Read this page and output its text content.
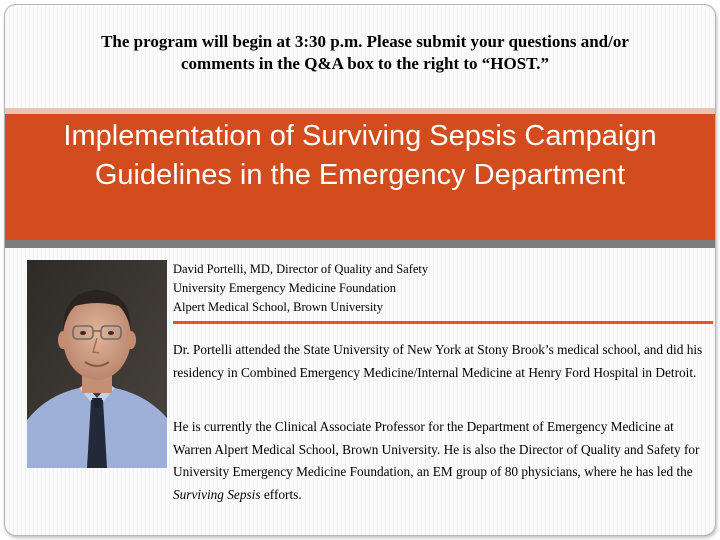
The program will begin at 3:30 p.m. Please submit your questions and/or comments in the Q&A box to the right to “HOST.”

Implementation of Surviving Sepsis Campaign Guidelines in the Emergency Department
David Portelli, MD, Director of Quality and Safety
University Emergency Medicine Foundation
Alpert Medical School, Brown University

Dr. Portelli attended the State University of New York at Stony Brook’s medical school, and did his residency in Combined Emergency Medicine/Internal Medicine at Henry Ford Hospital in Detroit.

He is currently the Clinical Associate Professor for the Department of Emergency Medicine at Warren Alpert Medical School, Brown University. He is also the Director of Quality and Safety for University Emergency Medicine Foundation, an EM group of 80 physicians, where he has led the Surviving Sepsis efforts.
